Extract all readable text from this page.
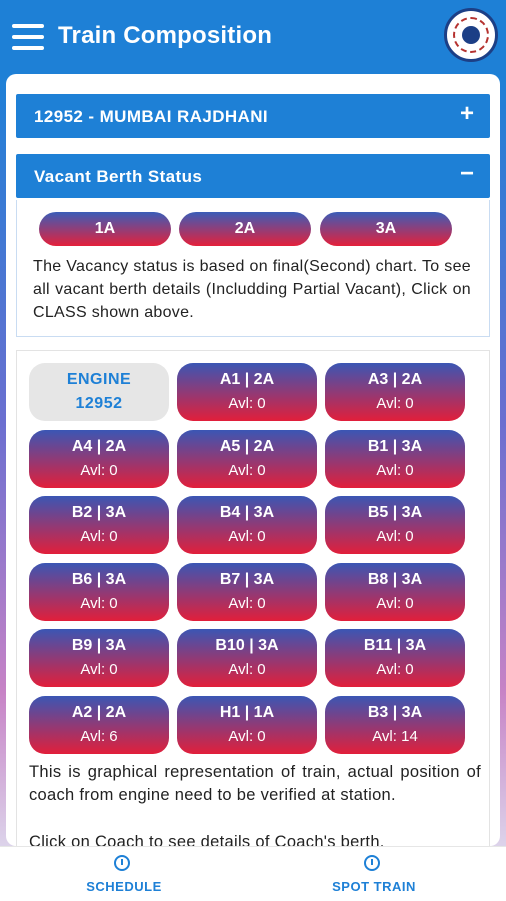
Train Composition
12952 - MUMBAI RAJDHANI	+
Vacant Berth Status	−
1A	2A	3A
The Vacancy status is based on final(Second) chart. To see all vacant berth details (Includding Partial Vacant), Click on CLASS shown above.
ENGINE
12952
This is graphical representation of train, actual position of coach from engine need to be verified at station.
Click on Coach to see details of Coach's berth.
A1 | 2A
Avl: 0
A3 | 2A
Avl: 0
A4 | 2A
Avl: 0
A5 | 2A
Avl: 0
B1 | 3A
Avl: 0
B2 | 3A
Avl: 0
B4 | 3A
Avl: 0
B5 | 3A
Avl: 0
B6 | 3A
Avl: 0
B7 | 3A
Avl: 0
B8 | 3A
Avl: 0
B9 | 3A
Avl: 0
B10 | 3A
Avl: 0
B11 | 3A
Avl: 0
A2 | 2A
Avl: 6
H1 | 1A
Avl: 0
B3 | 3A
Avl: 14
SCHEDULE	SPOT TRAIN
